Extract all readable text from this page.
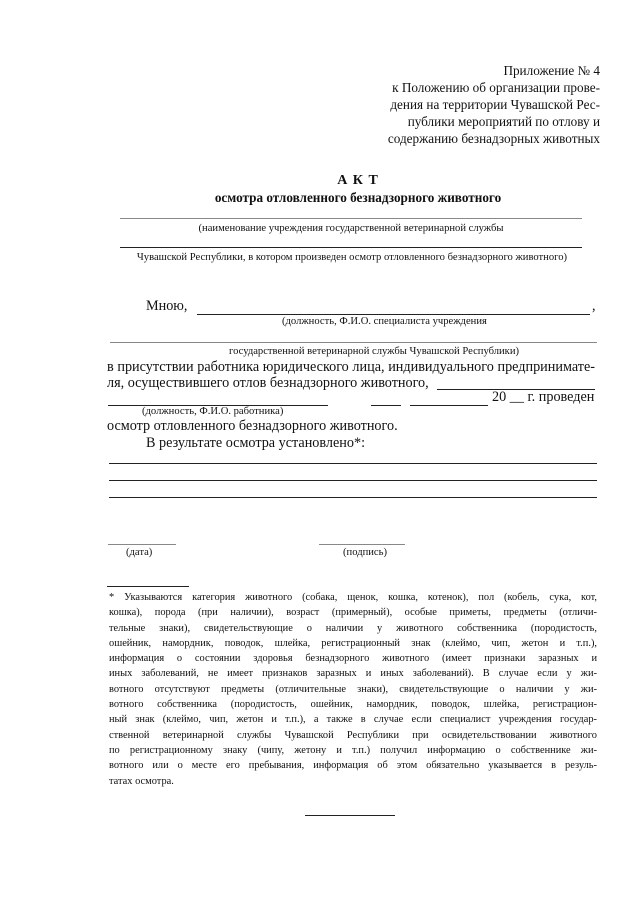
Приложение № 4
к Положению об организации прове-
дения на территории Чувашской Рес-
публики мероприятий по отлову и
содержанию безнадзорных животных
А К Т
осмотра отловленного безнадзорного животного
(наименование учреждения государственной ветеринарной службы
Чувашской Республики, в котором произведен осмотр отловленного безнадзорного животного)
Мною,	,
(должность, Ф.И.О. специалиста учреждения
государственной ветеринарной службы Чувашской Республики)
в присутствии работника юридического лица, индивидуального предпринимате-
ля, осуществившего отлов безнадзорного животного,
20 __ г. проведен
(должность, Ф.И.О. работника)
осмотр отловленного безнадзорного животного.
В результате осмотра установлено*:
(дата)	(подпись)
* Указываются категория животного (собака, щенок, кошка, котенок), пол (кобель, сука, кот,
кошка), порода (при наличии), возраст (примерный), особые приметы, предметы (отличи-
тельные знаки), свидетельствующие о наличии у животного собственника (породистость,
ошейник, намордник, поводок, шлейка, регистрационный знак (клеймо, чип, жетон и т.п.),
информация о состоянии здоровья безнадзорного животного (имеет признаки заразных и
иных заболеваний, не имеет признаков заразных и иных заболеваний). В случае если у жи-
вотного отсутствуют предметы (отличительные знаки), свидетельствующие о наличии у жи-
вотного собственника (породистость, ошейник, намордник, поводок, шлейка, регистрацион-
ный знак (клеймо, чип, жетон и т.п.), а также в случае если специалист учреждения государ-
ственной ветеринарной службы Чувашской Республики при освидетельствовании животного
по регистрационному знаку (чипу, жетону и т.п.) получил информацию о собственнике жи-
вотного или о месте его пребывания, информация об этом обязательно указывается в резуль-
татах осмотра.
